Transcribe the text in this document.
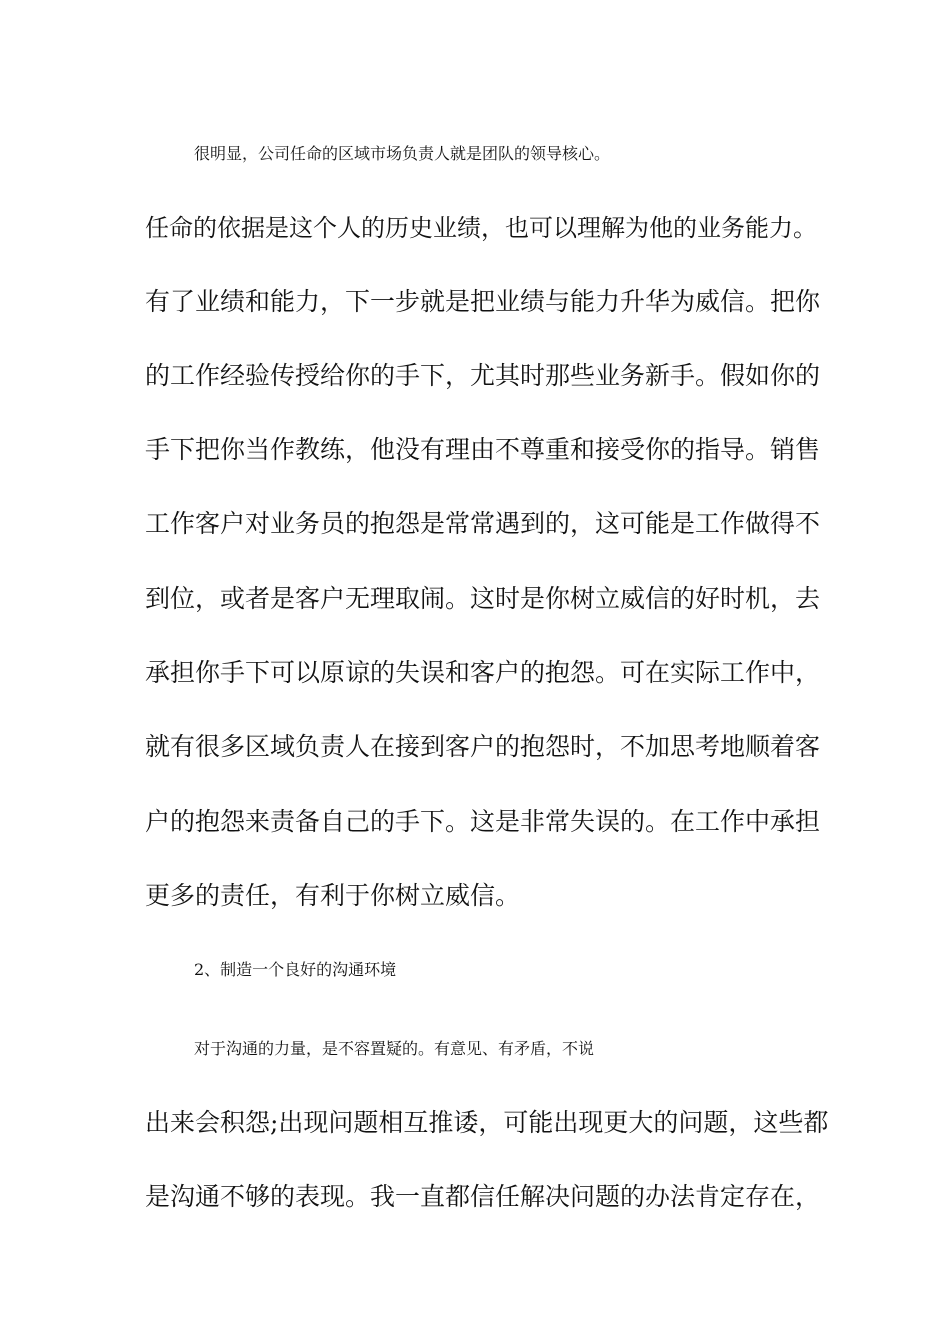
很明显，公司任命的区域市场负责人就是团队的领导核心。
任命的依据是这个人的历史业绩，也可以理解为他的业务能力。
有了业绩和能力，下一步就是把业绩与能力升华为威信。把你
的工作经验传授给你的手下，尤其时那些业务新手。假如你的
手下把你当作教练，他没有理由不尊重和接受你的指导。销售
工作客户对业务员的抱怨是常常遇到的，这可能是工作做得不
到位，或者是客户无理取闹。这时是你树立威信的好时机，去
承担你手下可以原谅的失误和客户的抱怨。可在实际工作中，
就有很多区域负责人在接到客户的抱怨时，不加思考地顺着客
户的抱怨来责备自己的手下。这是非常失误的。在工作中承担
更多的责任，有利于你树立威信。
2、制造一个良好的沟通环境
对于沟通的力量，是不容置疑的。有意见、有矛盾，不说
出来会积怨;出现问题相互推诿，可能出现更大的问题，这些都
是沟通不够的表现。我一直都信任解决问题的办法肯定存在，
